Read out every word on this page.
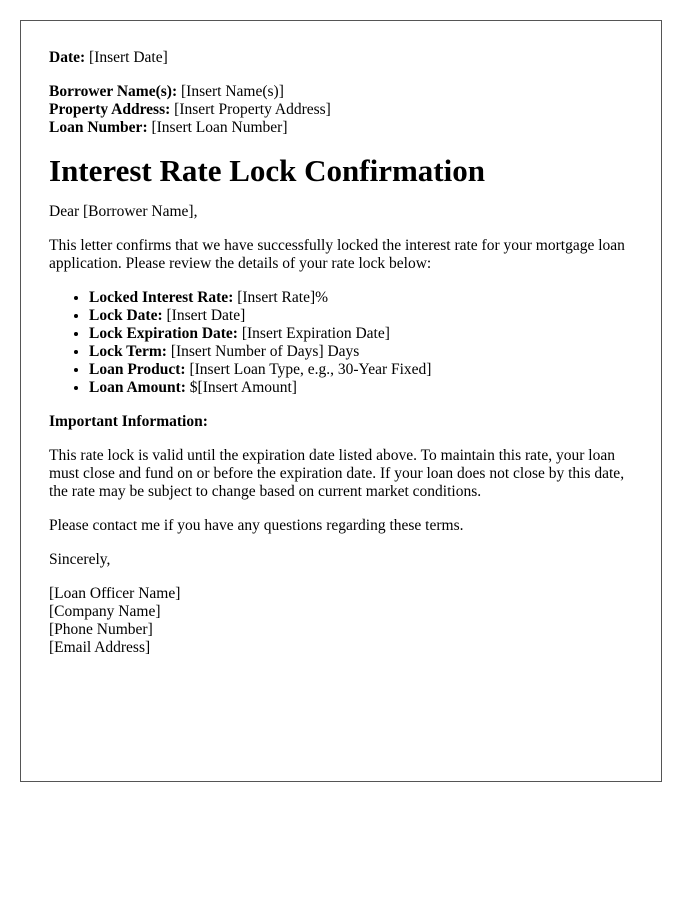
Date: [Insert Date]
Borrower Name(s): [Insert Name(s)]
Property Address: [Insert Property Address]
Loan Number: [Insert Loan Number]
Interest Rate Lock Confirmation

Dear [Borrower Name],

This letter confirms that we have successfully locked the interest rate for your mortgage loan application. Please review the details of your rate lock below:

• Locked Interest Rate: [Insert Rate]%
• Lock Date: [Insert Date]
• Lock Expiration Date: [Insert Expiration Date]
• Lock Term: [Insert Number of Days] Days
• Loan Product: [Insert Loan Type, e.g., 30-Year Fixed]
• Loan Amount: $[Insert Amount]

Important Information:

This rate lock is valid until the expiration date listed above. To maintain this rate, your loan must close and fund on or before the expiration date. If your loan does not close by this date, the rate may be subject to change based on current market conditions.

Please contact me if you have any questions regarding these terms.

Sincerely,

[Loan Officer Name]
[Company Name]
[Phone Number]
[Email Address]
